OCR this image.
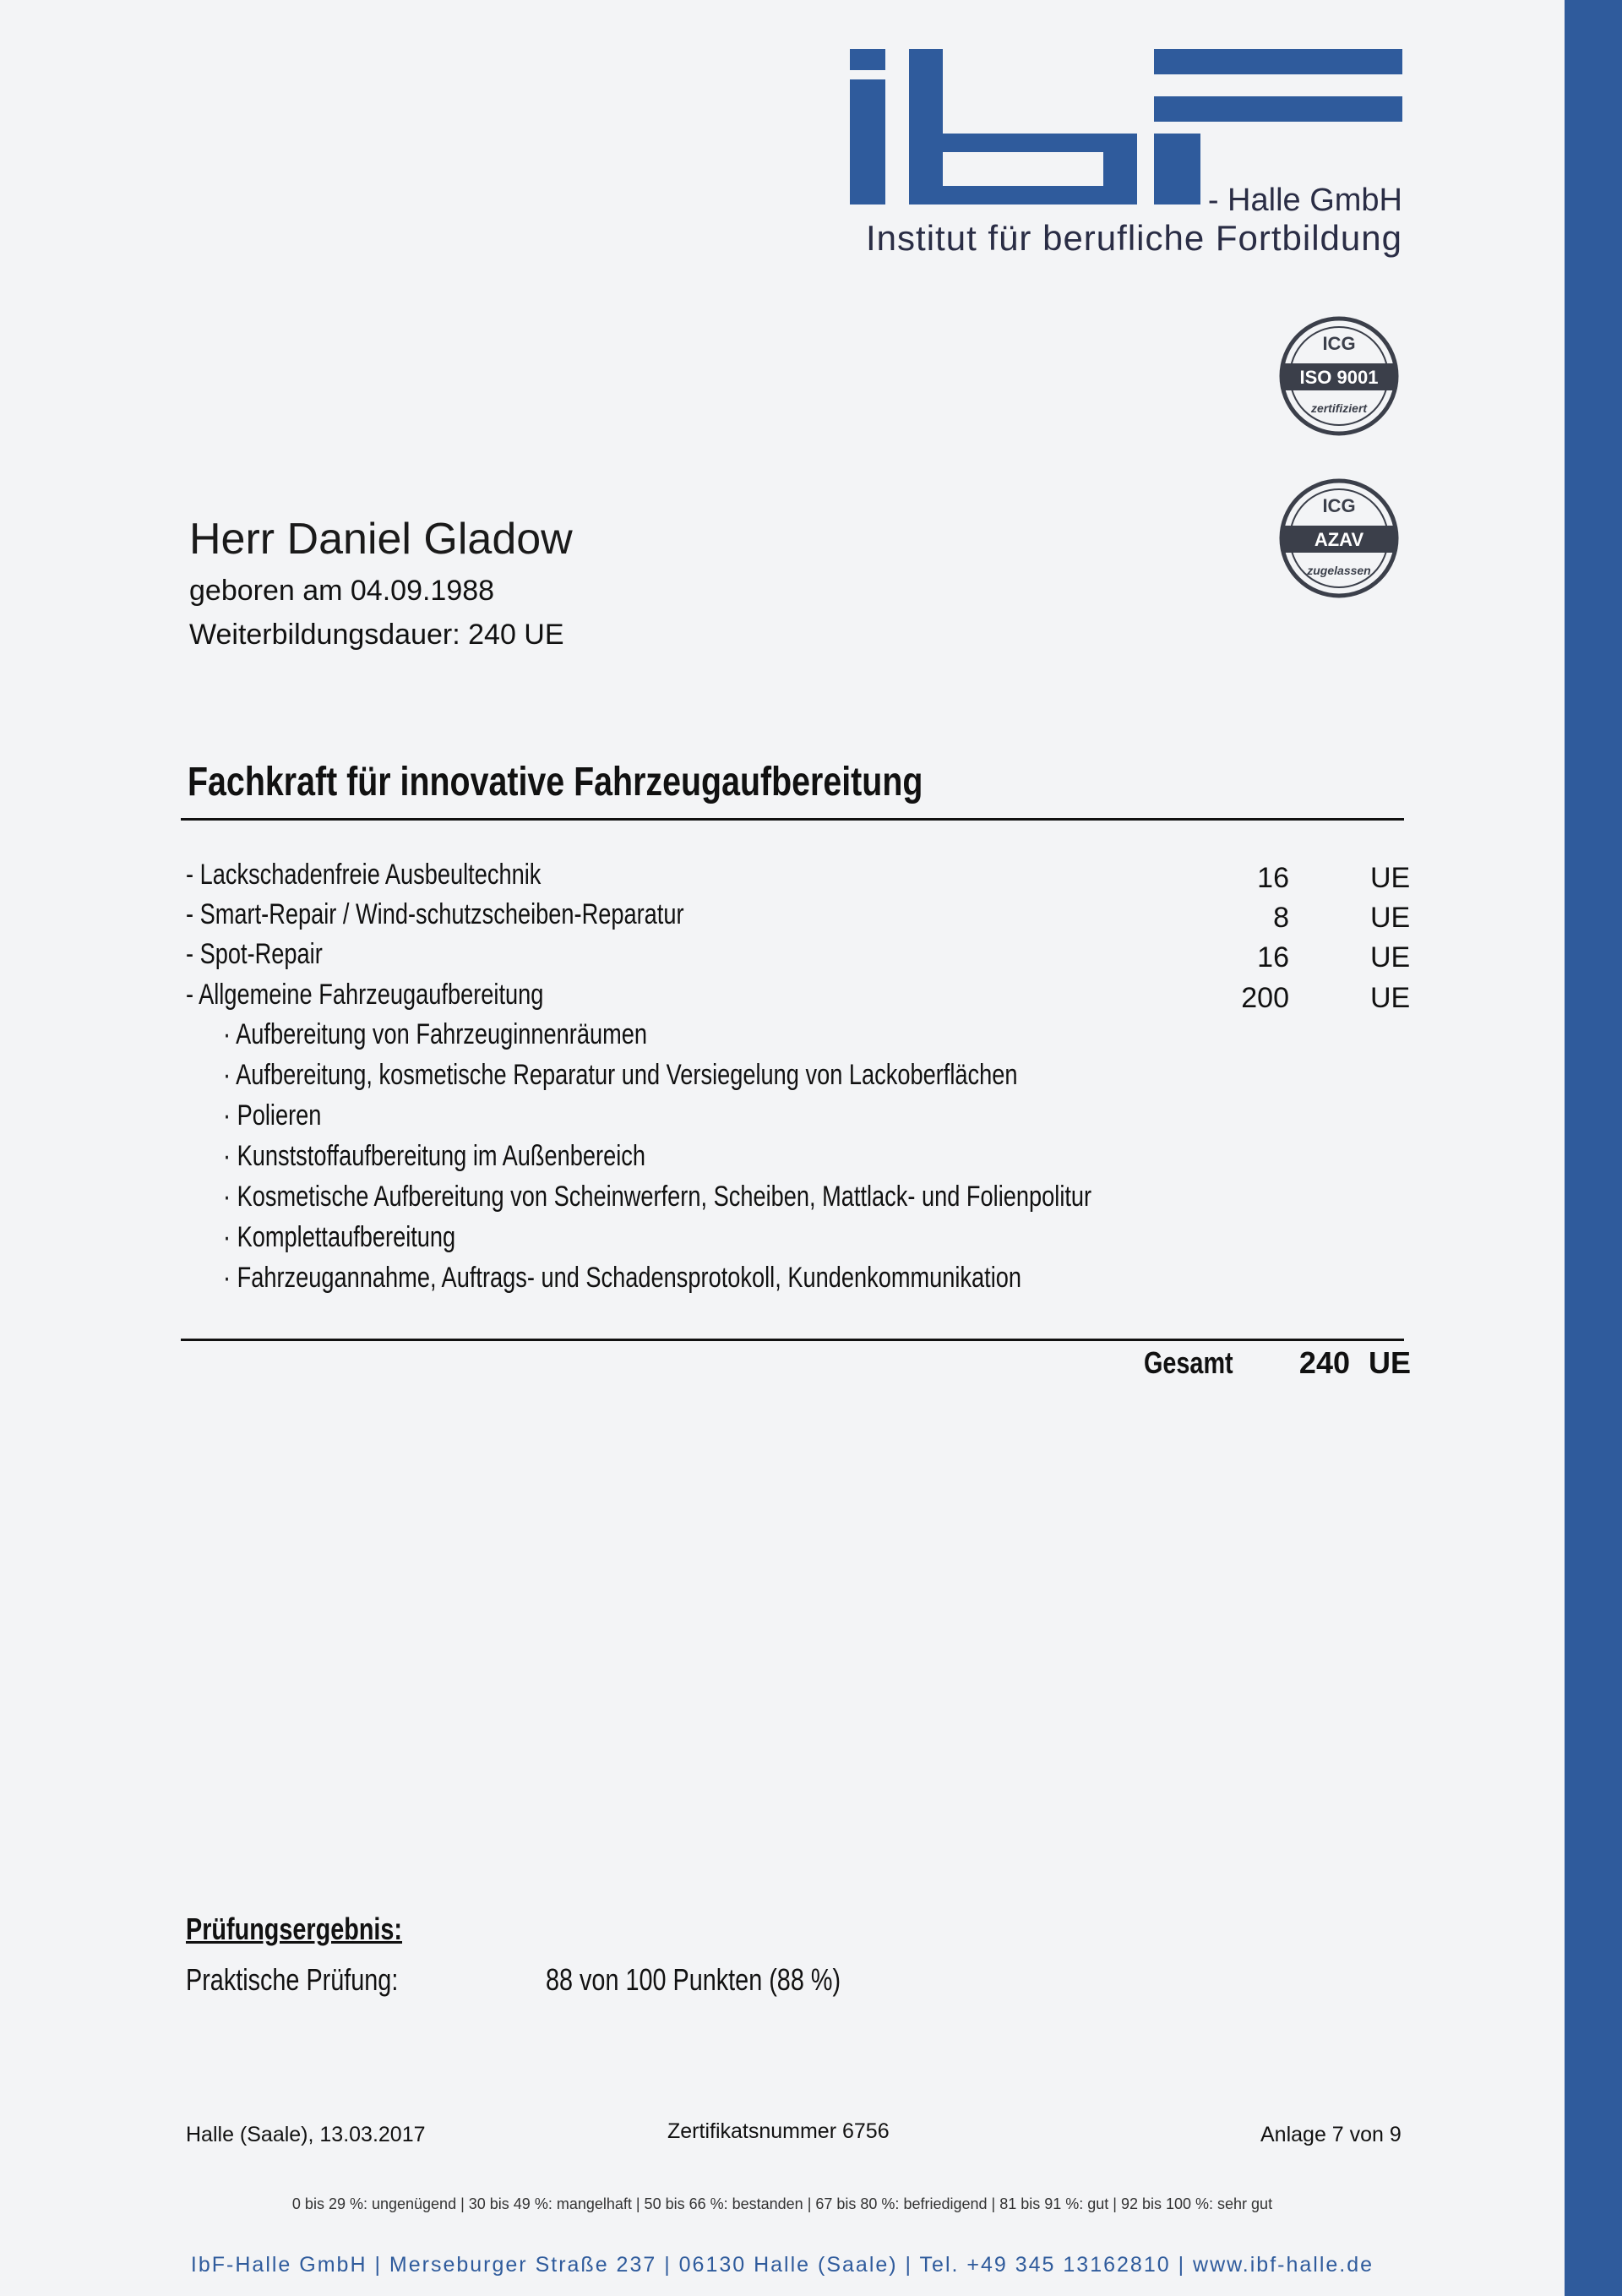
- Halle GmbH
Institut für berufliche Fortbildung
ICG
ISO 9001
zertifiziert
ICG
AZAV
zugelassen
Herr Daniel Gladow
geboren am 04.09.1988
Weiterbildungsdauer: 240 UE
Fachkraft für innovative Fahrzeugaufbereitung
- Lackschadenfreie Ausbeultechnik	16	UE
- Smart-Repair / Wind-schutzscheiben-Reparatur	8	UE
- Spot-Repair	16	UE
- Allgemeine Fahrzeugaufbereitung	200	UE
· Aufbereitung von Fahrzeuginnenräumen
· Aufbereitung, kosmetische Reparatur und Versiegelung von Lackoberflächen
· Polieren
· Kunststoffaufbereitung im Außenbereich
· Kosmetische Aufbereitung von Scheinwerfern, Scheiben, Mattlack- und Folienpolitur
· Komplettaufbereitung
· Fahrzeugannahme, Auftrags- und Schadensprotokoll, Kundenkommunikation
Gesamt	240 UE
Prüfungsergebnis:
Praktische Prüfung:	88 von 100 Punkten (88 %)
Halle (Saale), 13.03.2017	Zertifikatsnummer 6756	Anlage 7 von 9
0 bis 29 %: ungenügend | 30 bis 49 %: mangelhaft | 50 bis 66 %: bestanden | 67 bis 80 %: befriedigend | 81 bis 91 %: gut | 92 bis 100 %: sehr gut
IbF-Halle GmbH | Merseburger Straße 237 | 06130 Halle (Saale) | Tel. +49 345 13162810 | www.ibf-halle.de
